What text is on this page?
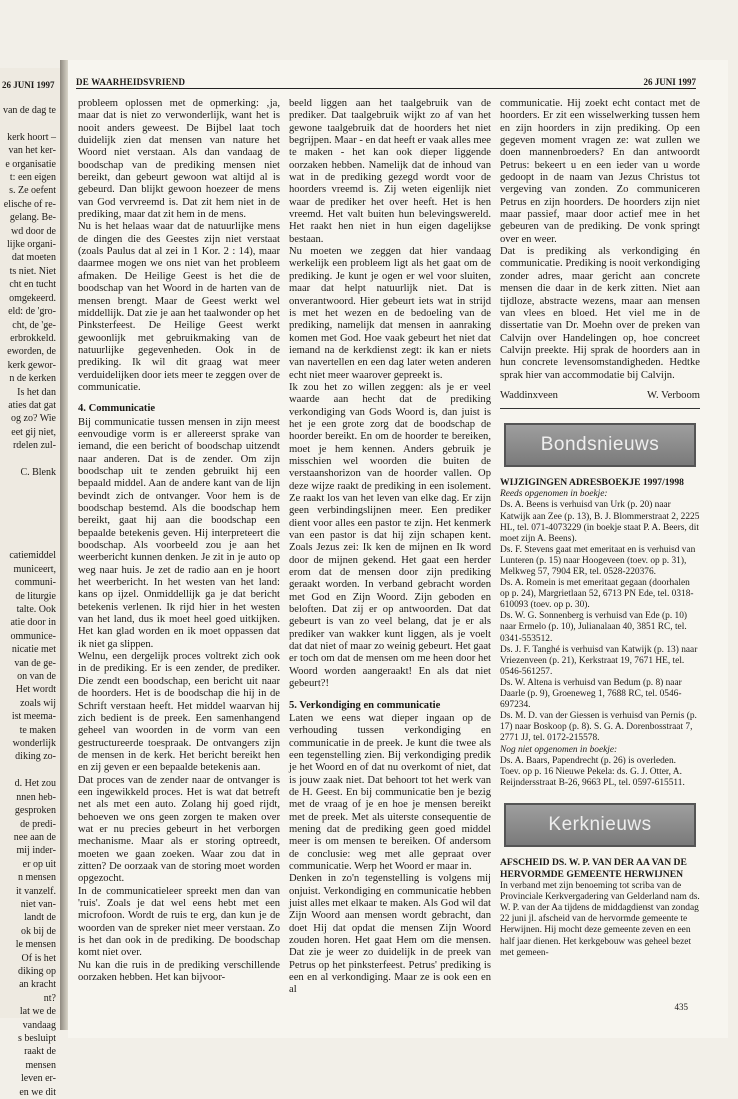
26 JUNI 1997
van de dag te

kerk hoort –
van het ker-
e organisatie
t: een eigen
s. Ze oefent
elische of re-
gelang. Be-
wd door de
lijke organi-
dat moeten
ts niet. Niet
cht en tucht
omgekeerd.
eld: de 'gro-
cht, de 'ge-
erbrokkeld.
eworden, de
kerk gewor-
n de kerken
Is het dan
aties dat gat
og zo? Wie
eet gij niet,
rdelen zul-

C. Blenk
catiemiddel
municeert,
communi-
de liturgie
talte. Ook
atie door in
ommunice-
nicatie met
van de ge-
on van de
Het wordt
zoals wij
ist meema-
te maken
wonderlijk
diking zo-

d. Het zou
nnen heb-
gesproken
de predi-
nee aan de
mij inder-
er op uit
n mensen
it vanzelf.
niet van-
landt de
ok bij de
le mensen
Of is het
diking op
an kracht
nt?
lat we de
vandaag
s besluipt
raakt de
mensen
leven er-
en we dit
DE WAARHEIDSVRIEND	26 JUNI 1997

probleem oplossen met de opmerking: ‚ja, maar dat is niet zo verwonderlijk, want het is nooit anders geweest. De Bijbel laat toch duidelijk zien dat mensen van nature het Woord niet verstaan. Als dan vandaag de boodschap van de prediking mensen niet bereikt, dan gebeurt gewoon wat altijd al is gebeurd. Dan blijkt gewoon hoezeer de mens van God vervreemd is. Dat zit hem niet in de prediking, maar dat zit hem in de mens.

Nu is het helaas waar dat de natuurlijke mens de dingen die des Geestes zijn niet verstaat (zoals Paulus dat al zei in 1 Kor. 2 : 14), maar daarmee mogen we ons niet van het probleem afmaken. De Heilige Geest is het die de boodschap van het Woord in de harten van de mensen brengt. Maar de Geest werkt wel middellijk. Dat zie je aan het taalwonder op het Pinksterfeest. De Heilige Geest werkt gewoonlijk met gebruikmaking van de natuurlijke gegevenheden. Ook in de prediking. Ik wil dit graag wat meer verduidelijken door iets meer te zeggen over de communicatie.

4. Communicatie

Bij communicatie tussen mensen in zijn meest eenvoudige vorm is er allereerst sprake van iemand, die een bericht of boodschap uitzendt naar anderen. Dat is de zender. Om zijn boodschap uit te zenden gebruikt hij een bepaald middel. Aan de andere kant van de lijn bevindt zich de ontvanger. Voor hem is de boodschap bestemd. Als die boodschap hem bereikt, gaat hij aan die boodschap een bepaalde betekenis geven. Hij interpreteert die boodschap. Als voorbeeld zou je aan het weerbericht kunnen denken. Je zit in je auto op weg naar huis. Je zet de radio aan en je hoort het weerbericht. In het westen van het land: kans op ijzel. Onmiddellijk ga je dat bericht betekenis verlenen. Ik rijd hier in het westen van het land, dus ik moet heel goed uitkijken. Het kan glad worden en ik moet oppassen dat ik niet ga slippen.

Welnu, een dergelijk proces voltrekt zich ook in de prediking. Er is een zender, de prediker. Die zendt een boodschap, een bericht uit naar de hoorders. Het is de boodschap die hij in de Schrift verstaan heeft. Het middel waarvan hij zich bedient is de preek. Een samenhangend geheel van woorden in de vorm van een gestructureerde toespraak. De ontvangers zijn de mensen in de kerk. Het bericht bereikt hen en zij geven er een bepaalde betekenis aan.

Dat proces van de zender naar de ontvanger is een ingewikkeld proces. Het is wat dat betreft net als met een auto. Zolang hij goed rijdt, behoeven we ons geen zorgen te maken over wat er nu precies gebeurt in het verborgen mechanisme. Maar als er storing optreedt, moeten we gaan zoeken. Waar zou dat in zitten? De oorzaak van de storing moet worden opgezocht.

In de communicatieleer spreekt men dan van 'ruis'. Zoals je dat wel eens hebt met een microfoon. Wordt de ruis te erg, dan kun je de woorden van de spreker niet meer verstaan. Zo is het dan ook in de prediking. De boodschap komt niet over.

Nu kan die ruis in de prediking verschillende oorzaken hebben. Het kan bijvoor-

beeld liggen aan het taalgebruik van de prediker. Dat taalgebruik wijkt zo af van het gewone taalgebruik dat de hoorders het niet begrijpen. Maar - en dat heeft er vaak alles mee te maken - het kan ook dieper liggende oorzaken hebben. Namelijk dat de inhoud van wat in de prediking gezegd wordt voor de hoorders vreemd is. Zij weten eigenlijk niet waar de prediker het over heeft. Het is hen vreemd. Het valt buiten hun belevingswereld. Het raakt hen niet in hun eigen dagelijkse bestaan.

Nu moeten we zeggen dat hier vandaag werkelijk een probleem ligt als het gaat om de prediking. Je kunt je ogen er wel voor sluiten, maar dat helpt natuurlijk niet. Dat is onverantwoord. Hier gebeurt iets wat in strijd is met het wezen en de bedoeling van de prediking, namelijk dat mensen in aanraking komen met God. Hoe vaak gebeurt het niet dat iemand na de kerkdienst zegt: ik kan er niets van navertellen en een dag later weten anderen echt niet meer waarover gepreekt is.

Ik zou het zo willen zeggen: als je er veel waarde aan hecht dat de prediking verkondiging van Gods Woord is, dan juist is het je een grote zorg dat de boodschap de hoorder bereikt. En om de hoorder te bereiken, moet je hem kennen. Anders gebruik je misschien wel woorden die buiten de verstaanshorizon van de hoorder vallen. Op deze wijze raakt de prediking in een isolement. Ze raakt los van het leven van elke dag. Er zijn geen verbindingslijnen meer. Een prediker dient voor alles een pastor te zijn. Het kenmerk van een pastor is dat hij zijn schapen kent. Zoals Jezus zei: Ik ken de mijnen en Ik word door de mijnen gekend. Het gaat een herder erom dat de mensen door zijn prediking geraakt worden. In verband gebracht worden met God en Zijn Woord. Zijn geboden en beloften. Dat zij er op antwoorden. Dat dat gebeurt is van zo veel belang, dat je er als prediker van wakker kunt liggen, als je voelt dat dat niet of maar zo weinig gebeurt. Het gaat er toch om dat de mensen om me heen door het Woord worden aangeraakt! En als dat niet gebeurt?!

5. Verkondiging en communicatie

Laten we eens wat dieper ingaan op de verhouding tussen verkondiging en communicatie in de preek. Je kunt die twee als een tegenstelling zien. Bij verkondiging predik je het Woord en of dat nu overkomt of niet, dat is jouw zaak niet. Dat behoort tot het werk van de H. Geest. En bij communicatie ben je bezig met de vraag of je en hoe je mensen bereikt met de preek. Met als uiterste consequentie de mening dat de prediking geen goed middel meer is om mensen te bereiken. Of andersom de conclusie: weg met alle gepraat over communicatie. Werp het Woord er maar in.

Denken in zo'n tegenstelling is volgens mij onjuist. Verkondiging en communicatie hebben juist alles met elkaar te maken. Als God wil dat Zijn Woord aan mensen wordt gebracht, dan doet Hij dat opdat die mensen Zijn Woord zouden horen. Het gaat Hem om die mensen. Dat zie je weer zo duidelijk in de preek van Petrus op het pinksterfeest. Petrus' prediking is een en al verkondiging. Maar ze is ook een en al

communicatie. Hij zoekt echt contact met de hoorders. Er zit een wisselwerking tussen hem en zijn hoorders in zijn prediking. Op een gegeven moment vragen ze: wat zullen we doen mannenbroeders? En dan antwoordt Petrus: bekeert u en een ieder van u worde gedoopt in de naam van Jezus Christus tot vergeving van zonden. Zo communiceren Petrus en zijn hoorders. De hoorders zijn niet maar passief, maar door actief mee in het gebeuren van de prediking. De vonk springt over en weer.

Dat is prediking als verkondiging én communicatie. Prediking is nooit verkondiging zonder adres, maar gericht aan concrete mensen die daar in de kerk zitten. Niet aan tijdloze, abstracte wezens, maar aan mensen van vlees en bloed. Het viel me in de dissertatie van Dr. Moehn over de preken van Calvijn over Handelingen op, hoe concreet Calvijn preekte. Hij sprak de hoorders aan in hun concrete levensomstandigheden. Hedtke sprak hier van accommodatie bij Calvijn.

Waddinxveen	W. Verboom
Bondsnieuws
WIJZIGINGEN ADRESBOEKJE 1997/1998
Reeds opgenomen in boekje:
Ds. A. Beens is verhuisd van Urk (p. 20) naar Katwijk aan Zee (p. 13), B. J. Blommerstraat 2, 2225 HL, tel. 071-4073229 (in boekje staat P. A. Beers, dit moet zijn A. Beens).
Ds. F. Stevens gaat met emeritaat en is verhuisd van Lunteren (p. 15) naar Hoogeveen (toev. op p. 31), Melkweg 57, 7904 ER, tel. 0528-220376.
Ds. A. Romein is met emeritaat gegaan (doorhalen op p. 24), Margrietlaan 52, 6713 PN Ede, tel. 0318-610093 (toev. op p. 30).
Ds. W. G. Sonnenberg is verhuisd van Ede (p. 10) naar Ermelo (p. 10), Julianalaan 40, 3851 RC, tel. 0341-553512.
Ds. J. F. Tanghé is verhuisd van Katwijk (p. 13) naar Vriezenveen (p. 21), Kerkstraat 19, 7671 HE, tel. 0546-561257.
Ds. W. Altena is verhuisd van Bedum (p. 8) naar Daarle (p. 9), Groeneweg 1, 7688 RC, tel. 0546-697234.
Ds. M. D. van der Giessen is verhuisd van Pernis (p. 17) naar Boskoop (p. 8). S. G. A. Dorenbosstraat 7, 2771 JJ, tel. 0172-215578.
Nog niet opgenomen in boekje:
Ds. A. Baars, Papendrecht (p. 26) is overleden.
Toev. op p. 16 Nieuwe Pekela: ds. G. J. Otter, A. Reijndersstraat B-26, 9663 PL, tel. 0597-615511.
Kerknieuws
AFSCHEID DS. W. P. VAN DER AA VAN DE HERVORMDE GEMEENTE HERWIJNEN
In verband met zijn benoeming tot scriba van de Provinciale Kerkvergadering van Gelderland nam ds. W. P. van der Aa tijdens de middagdienst van zondag 22 juni jl. afscheid van de hervormde gemeente te Herwijnen. Hij mocht deze gemeente zeven en een half jaar dienen. Het kerkgebouw was geheel bezet met gemeen-
435
